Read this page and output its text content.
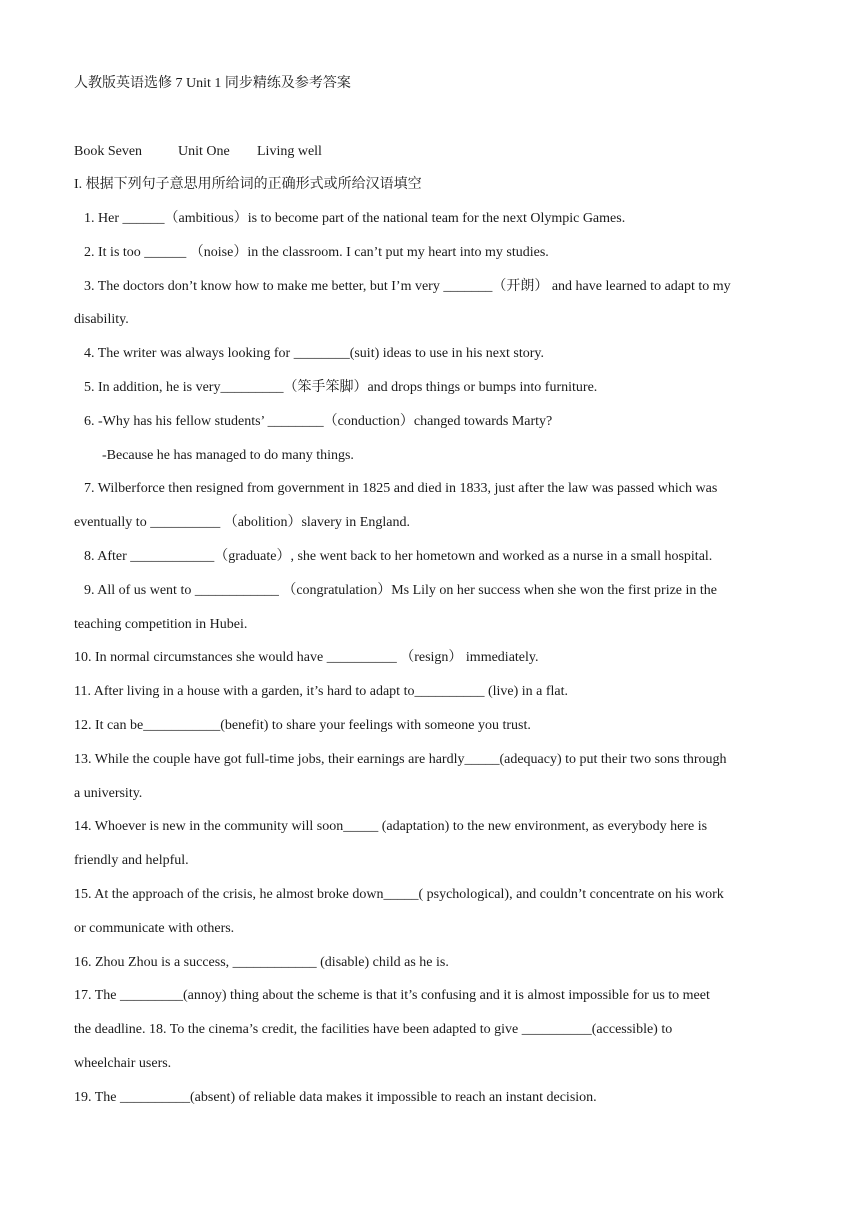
人教版英语选修 7 Unit 1 同步精练及参考答案
Book Seven	Unit One Living well
I. 根据下列句子意思用所给词的正确形式或所给汉语填空
1. Her ______（ambitious）is to become part of the national team for the next Olympic Games.
2. It is too ______ （noise）in the classroom. I can’t put my heart into my studies.
3. The doctors don’t know how to make me better, but I’m very _______（开朗） and have learned to adapt to my
disability.
4. The writer was always looking for ________(suit) ideas to use in his next story.
5. In addition, he is very_________（笨手笨脚）and drops things or bumps into furniture.
6. -Why has his fellow students’ ________（conduction）changed towards Marty?
-Because he has managed to do many things.
7. Wilberforce then resigned from government in 1825 and died in 1833, just after the law was passed which was
eventually to __________ （abolition）slavery in England.
8. After ____________（graduate）, she went back to her hometown and worked as a nurse in a small hospital.
9. All of us went to ____________ （congratulation）Ms Lily on her success when she won the first prize in the
teaching competition in Hubei.
10. In normal circumstances she would have __________ （resign） immediately.
11. After living in a house with a garden, it’s hard to adapt to__________ (live) in a flat.
12. It can be___________(benefit) to share your feelings with someone you trust.
13. While the couple have got full-time jobs, their earnings are hardly_____(adequacy) to put their two sons through
a university.
14. Whoever is new in the community will soon_____ (adaptation) to the new environment, as everybody here is
friendly and helpful.
15. At the approach of the crisis, he almost broke down_____( psychological), and couldn’t concentrate on his work
or communicate with others.
16. Zhou Zhou is a success, ____________ (disable) child as he is.
17. The _________(annoy) thing about the scheme is that it’s confusing and it is almost impossible for us to meet
the deadline. 18. To the cinema’s credit, the facilities have been adapted to give __________(accessible) to
wheelchair users.
19. The __________(absent) of reliable data makes it impossible to reach an instant decision.
